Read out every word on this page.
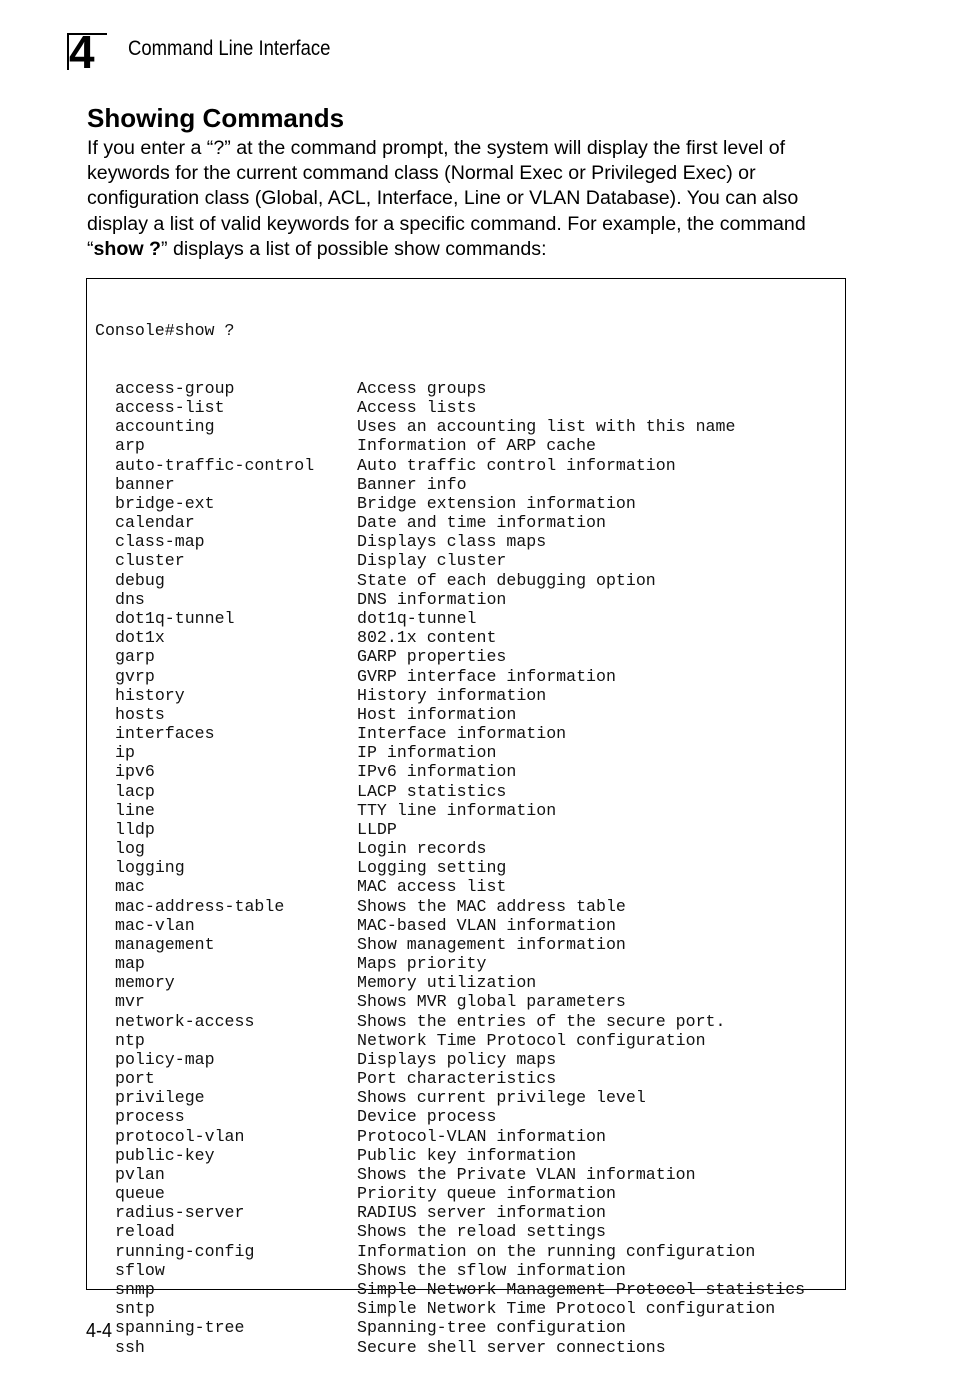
4 Command Line Interface
Showing Commands

If you enter a “?” at the command prompt, the system will display the first level of
keywords for the current command class (Normal Exec or Privileged Exec) or
configuration class (Global, ACL, Interface, Line or VLAN Database). You can also
display a list of valid keywords for a specific command. For example, the command
“show ?” displays a list of possible show commands:

Console#show ?

access-group	Access groups
access-list	Access lists
accounting	Uses an accounting list with this name
arp	Information of ARP cache
auto-traffic-control	Auto traffic control information
banner	Banner info
bridge-ext	Bridge extension information
calendar	Date and time information
class-map	Displays class maps
cluster	Display cluster
debug	State of each debugging option
dns	DNS information
dot1q-tunnel	dot1q-tunnel
dot1x	802.1x content
garp	GARP properties
gvrp	GVRP interface information
history	History information
hosts	Host information
interfaces	Interface information
ip	IP information
ipv6	IPv6 information
lacp	LACP statistics
line	TTY line information
lldp	LLDP
log	Login records
logging	Logging setting
mac	MAC access list
mac-address-table	Shows the MAC address table
mac-vlan	MAC-based VLAN information
management	Show management information
map	Maps priority
memory	Memory utilization
mvr	Shows MVR global parameters
network-access	Shows the entries of the secure port.
ntp	Network Time Protocol configuration
policy-map	Displays policy maps
port	Port characteristics
privilege	Shows current privilege level
process	Device process
protocol-vlan	Protocol-VLAN information
public-key	Public key information
pvlan	Shows the Private VLAN information
queue	Priority queue information
radius-server	RADIUS server information
reload	Shows the reload settings
running-config	Information on the running configuration
sflow	Shows the sflow information
snmp	Simple Network Management Protocol statistics
sntp	Simple Network Time Protocol configuration
spanning-tree	Spanning-tree configuration
ssh	Secure shell server connections
4-4
